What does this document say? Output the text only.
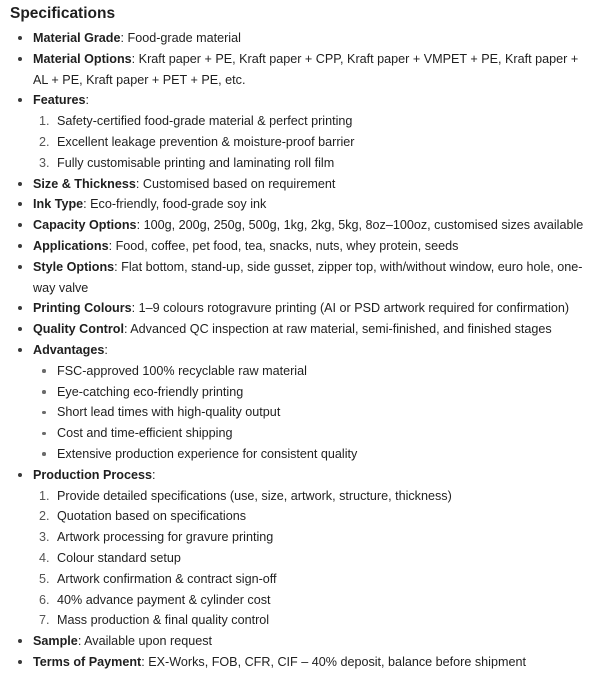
Specifications
Material Grade: Food-grade material
Material Options: Kraft paper + PE, Kraft paper + CPP, Kraft paper + VMPET + PE, Kraft paper + AL + PE, Kraft paper + PET + PE, etc.
Features:
1. Safety-certified food-grade material & perfect printing
2. Excellent leakage prevention & moisture-proof barrier
3. Fully customisable printing and laminating roll film
Size & Thickness: Customised based on requirement
Ink Type: Eco-friendly, food-grade soy ink
Capacity Options: 100g, 200g, 250g, 500g, 1kg, 2kg, 5kg, 8oz–100oz, customised sizes available
Applications: Food, coffee, pet food, tea, snacks, nuts, whey protein, seeds
Style Options: Flat bottom, stand-up, side gusset, zipper top, with/without window, euro hole, one-way valve
Printing Colours: 1–9 colours rotogravure printing (AI or PSD artwork required for confirmation)
Quality Control: Advanced QC inspection at raw material, semi-finished, and finished stages
Advantages:
FSC-approved 100% recyclable raw material
Eye-catching eco-friendly printing
Short lead times with high-quality output
Cost and time-efficient shipping
Extensive production experience for consistent quality
Production Process:
1. Provide detailed specifications (use, size, artwork, structure, thickness)
2. Quotation based on specifications
3. Artwork processing for gravure printing
4. Colour standard setup
5. Artwork confirmation & contract sign-off
6. 40% advance payment & cylinder cost
7. Mass production & final quality control
Sample: Available upon request
Terms of Payment: EX-Works, FOB, CFR, CIF – 40% deposit, balance before shipment
